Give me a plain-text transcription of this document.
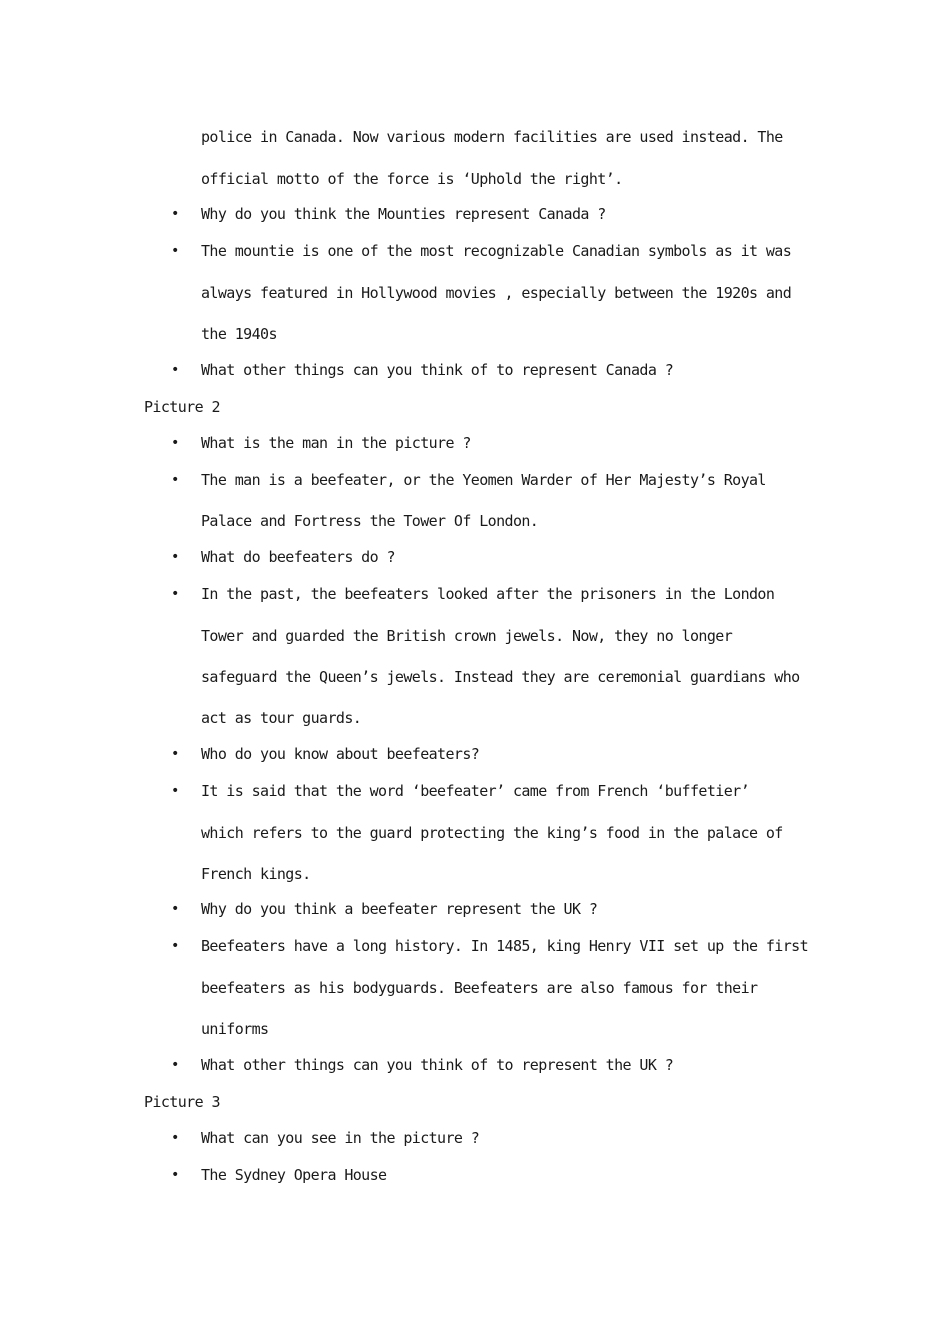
police in Canada. Now various modern facilities are used instead. The
official motto of the force is ‘Uphold the right’.
• Why do you think the Mounties represent Canada ?
• The mountie is one of the most recognizable Canadian symbols as it was
always featured in Hollywood movies , especially between the 1920s and
the 1940s
• What other things can you think of to represent Canada ?
Picture 2
• What is the man in the picture ?
• The man is a beefeater, or the Yeomen Warder of Her Majesty’s Royal
Palace and Fortress the Tower Of London.
• What do beefeaters do ?
• In the past, the beefeaters looked after the prisoners in the London
Tower and guarded the British crown jewels. Now, they no longer
safeguard the Queen’s jewels. Instead they are ceremonial guardians who
act as tour guards.
• Who do you know about beefeaters?
• It is said that the word ‘beefeater’ came from French ‘buffetier’
which refers to the guard protecting the king’s food in the palace of
French kings.
• Why do you think a beefeater represent the UK ?
• Beefeaters have a long history. In 1485, king Henry VII set up the first
beefeaters as his bodyguards. Beefeaters are also famous for their
uniforms
• What other things can you think of to represent the UK ?
Picture 3
• What can you see in the picture ?
• The Sydney Opera House
